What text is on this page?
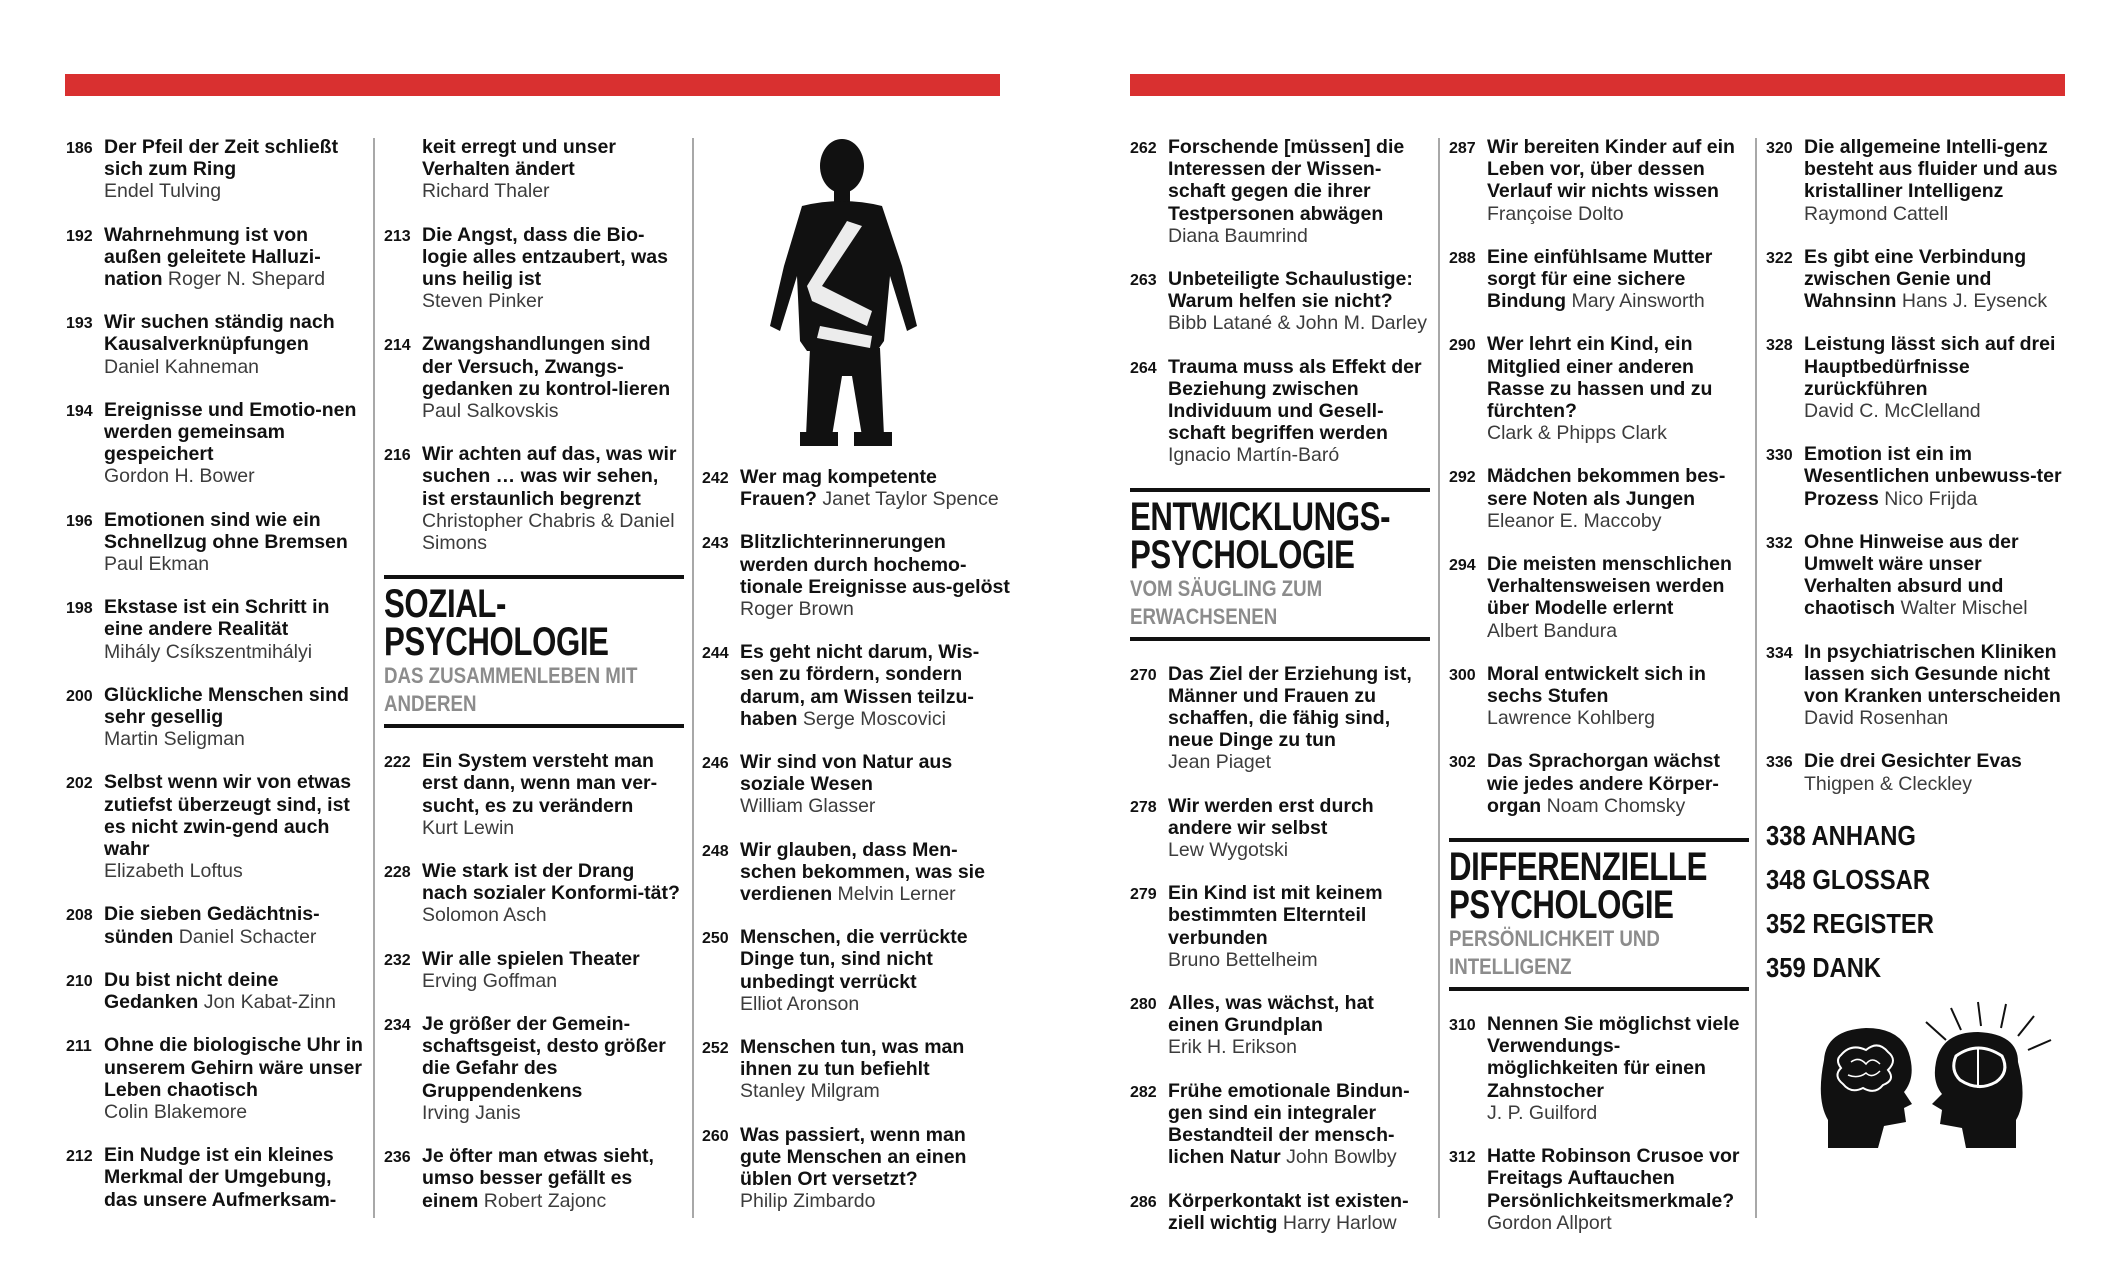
186 Der Pfeil der Zeit schließt sich zum Ring
Endel Tulving
192 Wahrnehmung ist von außen geleitete Halluzi-nation Roger N. Shepard
193 Wir suchen ständig nach Kausalverknüpfungen
Daniel Kahneman
194 Ereignisse und Emotio-nen werden gemeinsam gespeichert
Gordon H. Bower
196 Emotionen sind wie ein Schnellzug ohne Bremsen
Paul Ekman
198 Ekstase ist ein Schritt in eine andere Realität
Mihály Csíkszentmihályi
200 Glückliche Menschen sind sehr gesellig
Martin Seligman
202 Selbst wenn wir von etwas zutiefst überzeugt sind, ist es nicht zwin-gend auch wahr
Elizabeth Loftus
208 Die sieben Gedächtnis-sünden Daniel Schacter
210 Du bist nicht deine Gedanken Jon Kabat-Zinn
211 Ohne die biologische Uhr in unserem Gehirn wäre unser Leben chaotisch
Colin Blakemore
212 Ein Nudge ist ein kleines Merkmal der Umgebung, das unsere Aufmerksam-
keit erregt und unser Verhalten ändert
Richard Thaler
213 Die Angst, dass die Bio-logie alles entzaubert, was uns heilig ist
Steven Pinker
214 Zwangshandlungen sind der Versuch, Zwangs-gedanken zu kontrol-lieren Paul Salkovskis
216 Wir achten auf das, was wir suchen … was wir sehen, ist erstaunlich begrenzt Christopher Chabris & Daniel Simons
SOZIAL-
PSYCHOLOGIE
DAS ZUSAMMENLEBEN MIT
ANDEREN
222 Ein System versteht man erst dann, wenn man ver-sucht, es zu verändern
Kurt Lewin
228 Wie stark ist der Drang nach sozialer Konformi-tät? Solomon Asch
232 Wir alle spielen Theater
Erving Goffman
234 Je größer der Gemein-schaftsgeist, desto größer die Gefahr des Gruppendenkens
Irving Janis
236 Je öfter man etwas sieht, umso besser gefällt es einem Robert Zajonc
242 Wer mag kompetente Frauen? Janet Taylor Spence
243 Blitzlichterinnerungen werden durch hochemo-tionale Ereignisse aus-gelöst Roger Brown
244 Es geht nicht darum, Wis-sen zu fördern, sondern darum, am Wissen teilzu-haben Serge Moscovici
246 Wir sind von Natur aus soziale Wesen
William Glasser
248 Wir glauben, dass Men-schen bekommen, was sie verdienen Melvin Lerner
250 Menschen, die verrückte Dinge tun, sind nicht unbedingt verrückt
Elliot Aronson
252 Menschen tun, was man ihnen zu tun befiehlt
Stanley Milgram
260 Was passiert, wenn man gute Menschen an einen üblen Ort versetzt?
Philip Zimbardo
262 Forschende [müssen] die Interessen der Wissen-schaft gegen die ihrer Testpersonen abwägen
Diana Baumrind
263 Unbeteiligte Schaulustige: Warum helfen sie nicht?
Bibb Latané & John M. Darley
264 Trauma muss als Effekt der Beziehung zwischen Individuum und Gesell-schaft begriffen werden
Ignacio Martín-Baró
ENTWICKLUNGS-
PSYCHOLOGIE
VOM SÄUGLING ZUM
ERWACHSENEN
270 Das Ziel der Erziehung ist, Männer und Frauen zu schaffen, die fähig sind, neue Dinge zu tun
Jean Piaget
278 Wir werden erst durch andere wir selbst
Lew Wygotski
279 Ein Kind ist mit keinem bestimmten Elternteil verbunden
Bruno Bettelheim
280 Alles, was wächst, hat einen Grundplan
Erik H. Erikson
282 Frühe emotionale Bindun-gen sind ein integraler Bestandteil der mensch-lichen Natur John Bowlby
286 Körperkontakt ist existen-ziell wichtig Harry Harlow
287 Wir bereiten Kinder auf ein Leben vor, über dessen Verlauf wir nichts wissen Françoise Dolto
288 Eine einfühlsame Mutter sorgt für eine sichere Bindung Mary Ainsworth
290 Wer lehrt ein Kind, ein Mitglied einer anderen Rasse zu hassen und zu fürchten?
Clark & Phipps Clark
292 Mädchen bekommen bes-sere Noten als Jungen
Eleanor E. Maccoby
294 Die meisten menschlichen Verhaltensweisen werden über Modelle erlernt
Albert Bandura
300 Moral entwickelt sich in sechs Stufen
Lawrence Kohlberg
302 Das Sprachorgan wächst wie jedes andere Körper-organ Noam Chomsky
DIFFERENZIELLE
PSYCHOLOGIE
PERSÖNLICHKEIT UND
INTELLIGENZ
310 Nennen Sie möglichst viele Verwendungs-möglichkeiten für einen Zahnstocher
J. P. Guilford
312 Hatte Robinson Crusoe vor Freitags Auftauchen Persönlichkeitsmerkmale?
Gordon Allport
320 Die allgemeine Intelli-genz besteht aus fluider und aus kristalliner Intelligenz
Raymond Cattell
322 Es gibt eine Verbindung zwischen Genie und Wahnsinn Hans J. Eysenck
328 Leistung lässt sich auf drei Hauptbedürfnisse zurückführen
David C. McClelland
330 Emotion ist ein im Wesentlichen unbewuss-ter Prozess Nico Frijda
332 Ohne Hinweise aus der Umwelt wäre unser Verhalten absurd und chaotisch Walter Mischel
334 In psychiatrischen Kliniken lassen sich Gesunde nicht von Kranken unterscheiden
David Rosenhan
336 Die drei Gesichter Evas
Thigpen & Cleckley
338 ANHANG
348 GLOSSAR
352 REGISTER
359 DANK
